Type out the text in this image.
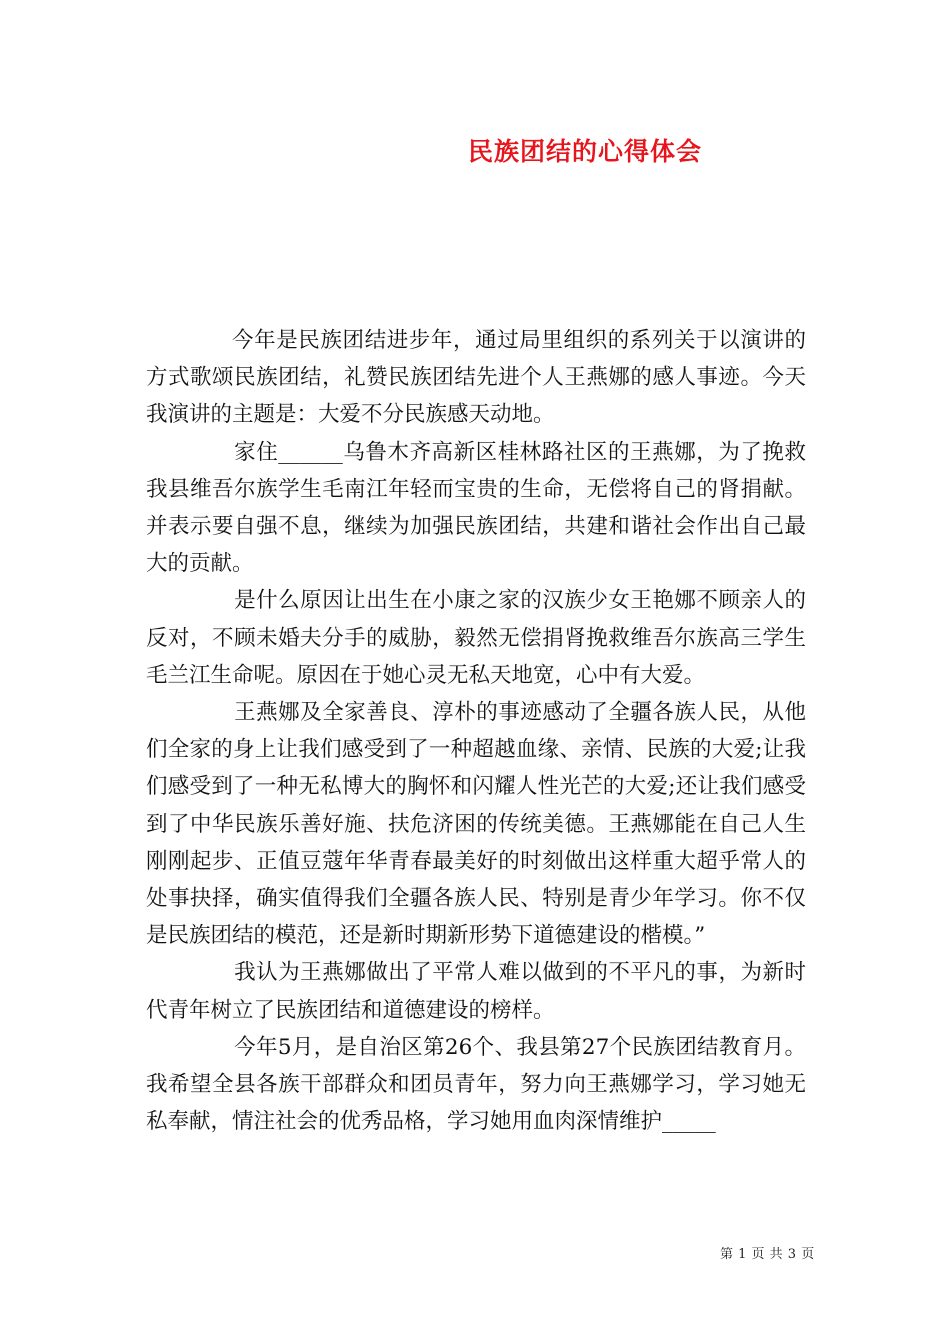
民族团结的心得体会

今年是民族团结进步年，通过局里组织的系列关于以演讲的方式歌颂民族团结，礼赞民族团结先进个人王燕娜的感人事迹。今天我演讲的主题是：大爱不分民族感天动地。

家住______乌鲁木齐高新区桂林路社区的王燕娜，为了挽救我县维吾尔族学生毛南江年轻而宝贵的生命，无偿将自己的肾捐献。并表示要自强不息，继续为加强民族团结，共建和谐社会作出自己最大的贡献。

是什么原因让出生在小康之家的汉族少女王艳娜不顾亲人的反对，不顾未婚夫分手的威胁，毅然无偿捐肾挽救维吾尔族高三学生毛兰江生命呢。原因在于她心灵无私天地宽，心中有大爱。

王燕娜及全家善良、淳朴的事迹感动了全疆各族人民，从他们全家的身上让我们感受到了一种超越血缘、亲情、民族的大爱;让我们感受到了一种无私博大的胸怀和闪耀人性光芒的大爱;还让我们感受到了中华民族乐善好施、扶危济困的传统美德。王燕娜能在自己人生刚刚起步、正值豆蔻年华青春最美好的时刻做出这样重大超乎常人的处事抉择，确实值得我们全疆各族人民、特别是青少年学习。你不仅是民族团结的模范，还是新时期新形势下道德建设的楷模。”

我认为王燕娜做出了平常人难以做到的不平凡的事，为新时代青年树立了民族团结和道德建设的榜样。

今年5月，是自治区第26个、我县第27个民族团结教育月。我希望全县各族干部群众和团员青年，努力向王燕娜学习，学习她无私奉献，情注社会的优秀品格，学习她用血肉深情维护_____

第 1 页 共 3 页
